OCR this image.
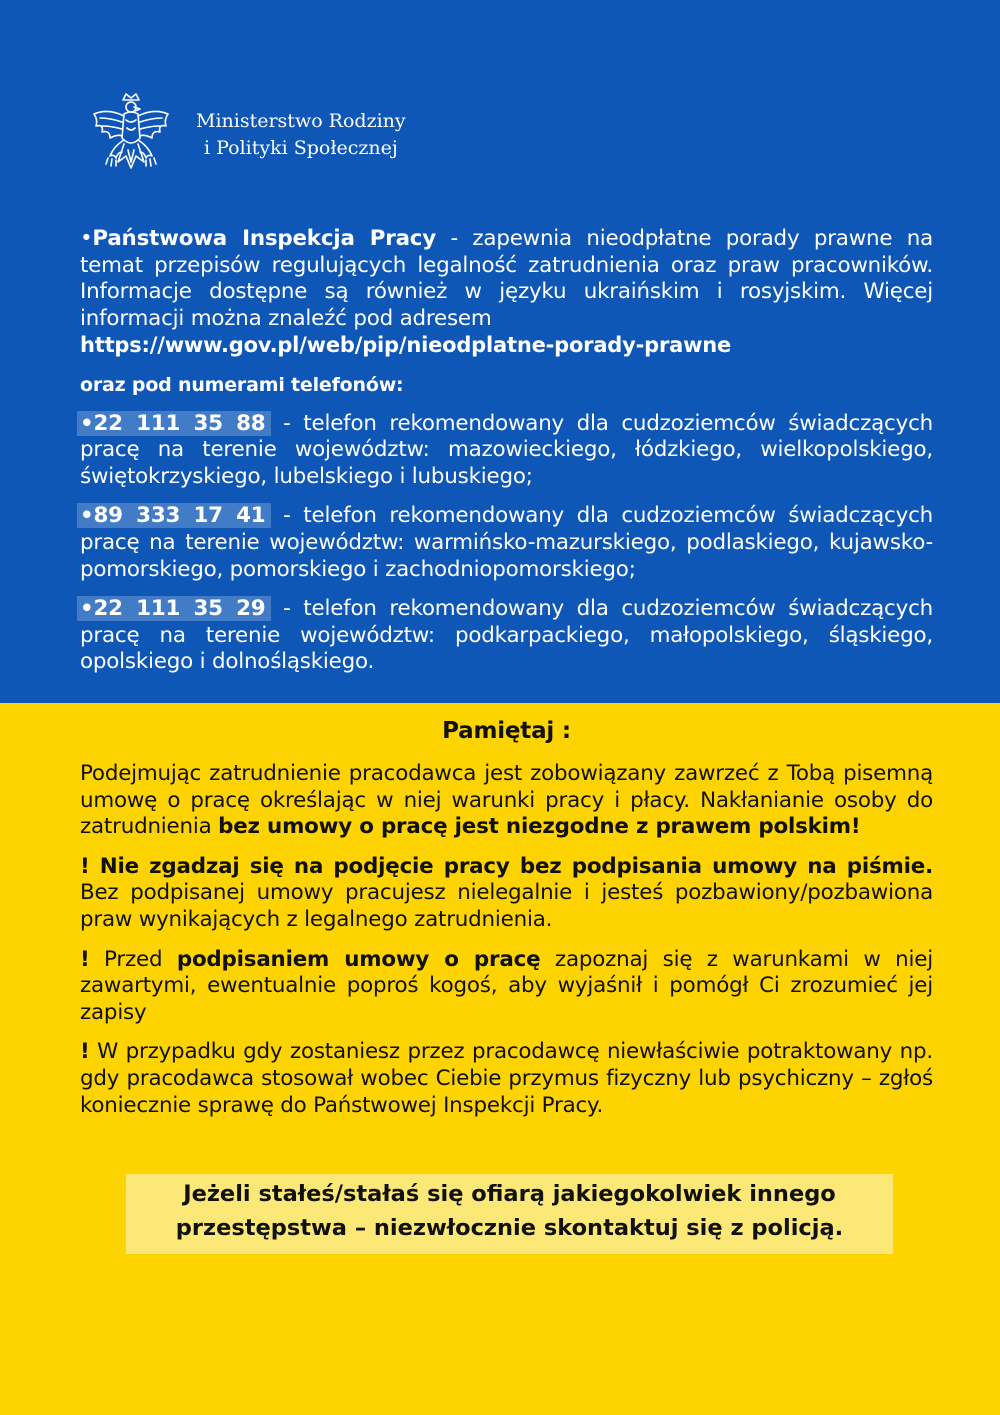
Ministerstwo Rodziny
i Polityki Społecznej

•Państwowa Inspekcja Pracy - zapewnia nieodpłatne porady prawne na temat przepisów regulujących legalność zatrudnienia oraz praw pracowników. Informacje dostępne są również w języku ukraińskim i rosyjskim. Więcej informacji można znaleźć pod adresem

https://www.gov.pl/web/pip/nieodplatne-porady-prawne
oraz pod numerami telefonów:

•22 111 35 88 - telefon rekomendowany dla cudzoziemców świadczących pracę na terenie województw: mazowieckiego, łódzkiego, wielkopolskiego, świętokrzyskiego, lubelskiego i lubuskiego;

•89 333 17 41 - telefon rekomendowany dla cudzoziemców świadczących pracę na terenie województw: warmińsko-mazurskiego, podlaskiego, kujawsko-pomorskiego, pomorskiego i zachodniopomorskiego;

•22 111 35 29 - telefon rekomendowany dla cudzoziemców świadczących pracę na terenie województw: podkarpackiego, małopolskiego, śląskiego, opolskiego i dolnośląskiego.

Pamiętaj :

Podejmując zatrudnienie pracodawca jest zobowiązany zawrzeć z Tobą pisemną umowę o pracę określając w niej warunki pracy i płacy. Nakłanianie osoby do zatrudnienia bez umowy o pracę jest niezgodne z prawem polskim!

! Nie zgadzaj się na podjęcie pracy bez podpisania umowy na piśmie. Bez podpisanej umowy pracujesz nielegalnie i jesteś pozbawiony/pozbawiona praw wynikających z legalnego zatrudnienia.

! Przed podpisaniem umowy o pracę zapoznaj się z warunkami w niej zawartymi, ewentualnie poproś kogoś, aby wyjaśnił i pomógł Ci zrozumieć jej zapisy

! W przypadku gdy zostaniesz przez pracodawcę niewłaściwie potraktowany np. gdy pracodawca stosował wobec Ciebie przymus fizyczny lub psychiczny – zgłoś koniecznie sprawę do Państwowej Inspekcji Pracy.

Jeżeli stałeś/stałaś się ofiarą jakiegokolwiek innego
przestępstwa – niezwłocznie skontaktuj się z policją.
